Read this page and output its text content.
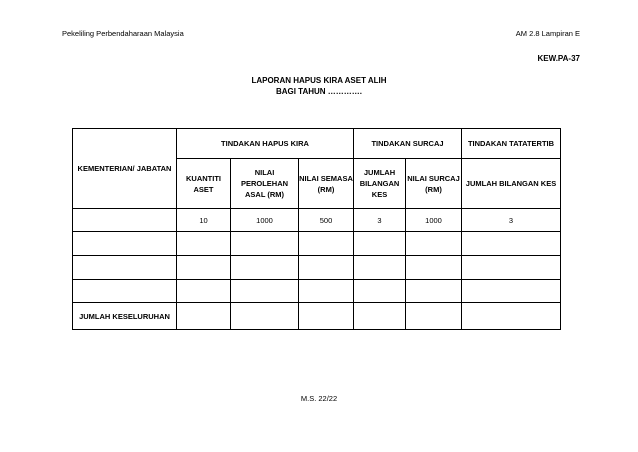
Pekeliling Perbendaharaan Malaysia	AM 2.8 Lampiran E
KEW.PA-37
LAPORAN HAPUS KIRA ASET ALIH
BAGI TAHUN ………….
KEMENTERIAN/ JABATAN	TINDAKAN HAPUS KIRA			TINDAKAN SURCAJ		TINDAKAN TATATERTIB
	KUANTITI ASET	NILAI PEROLEHAN ASAL (RM)	NILAI SEMASA (RM)	JUMLAH BILANGAN KES	NILAI SURCAJ (RM)	JUMLAH BILANGAN KES
	10	1000	500	3	1000	3

JUMLAH KESELURUHAN						
M.S. 22/22
